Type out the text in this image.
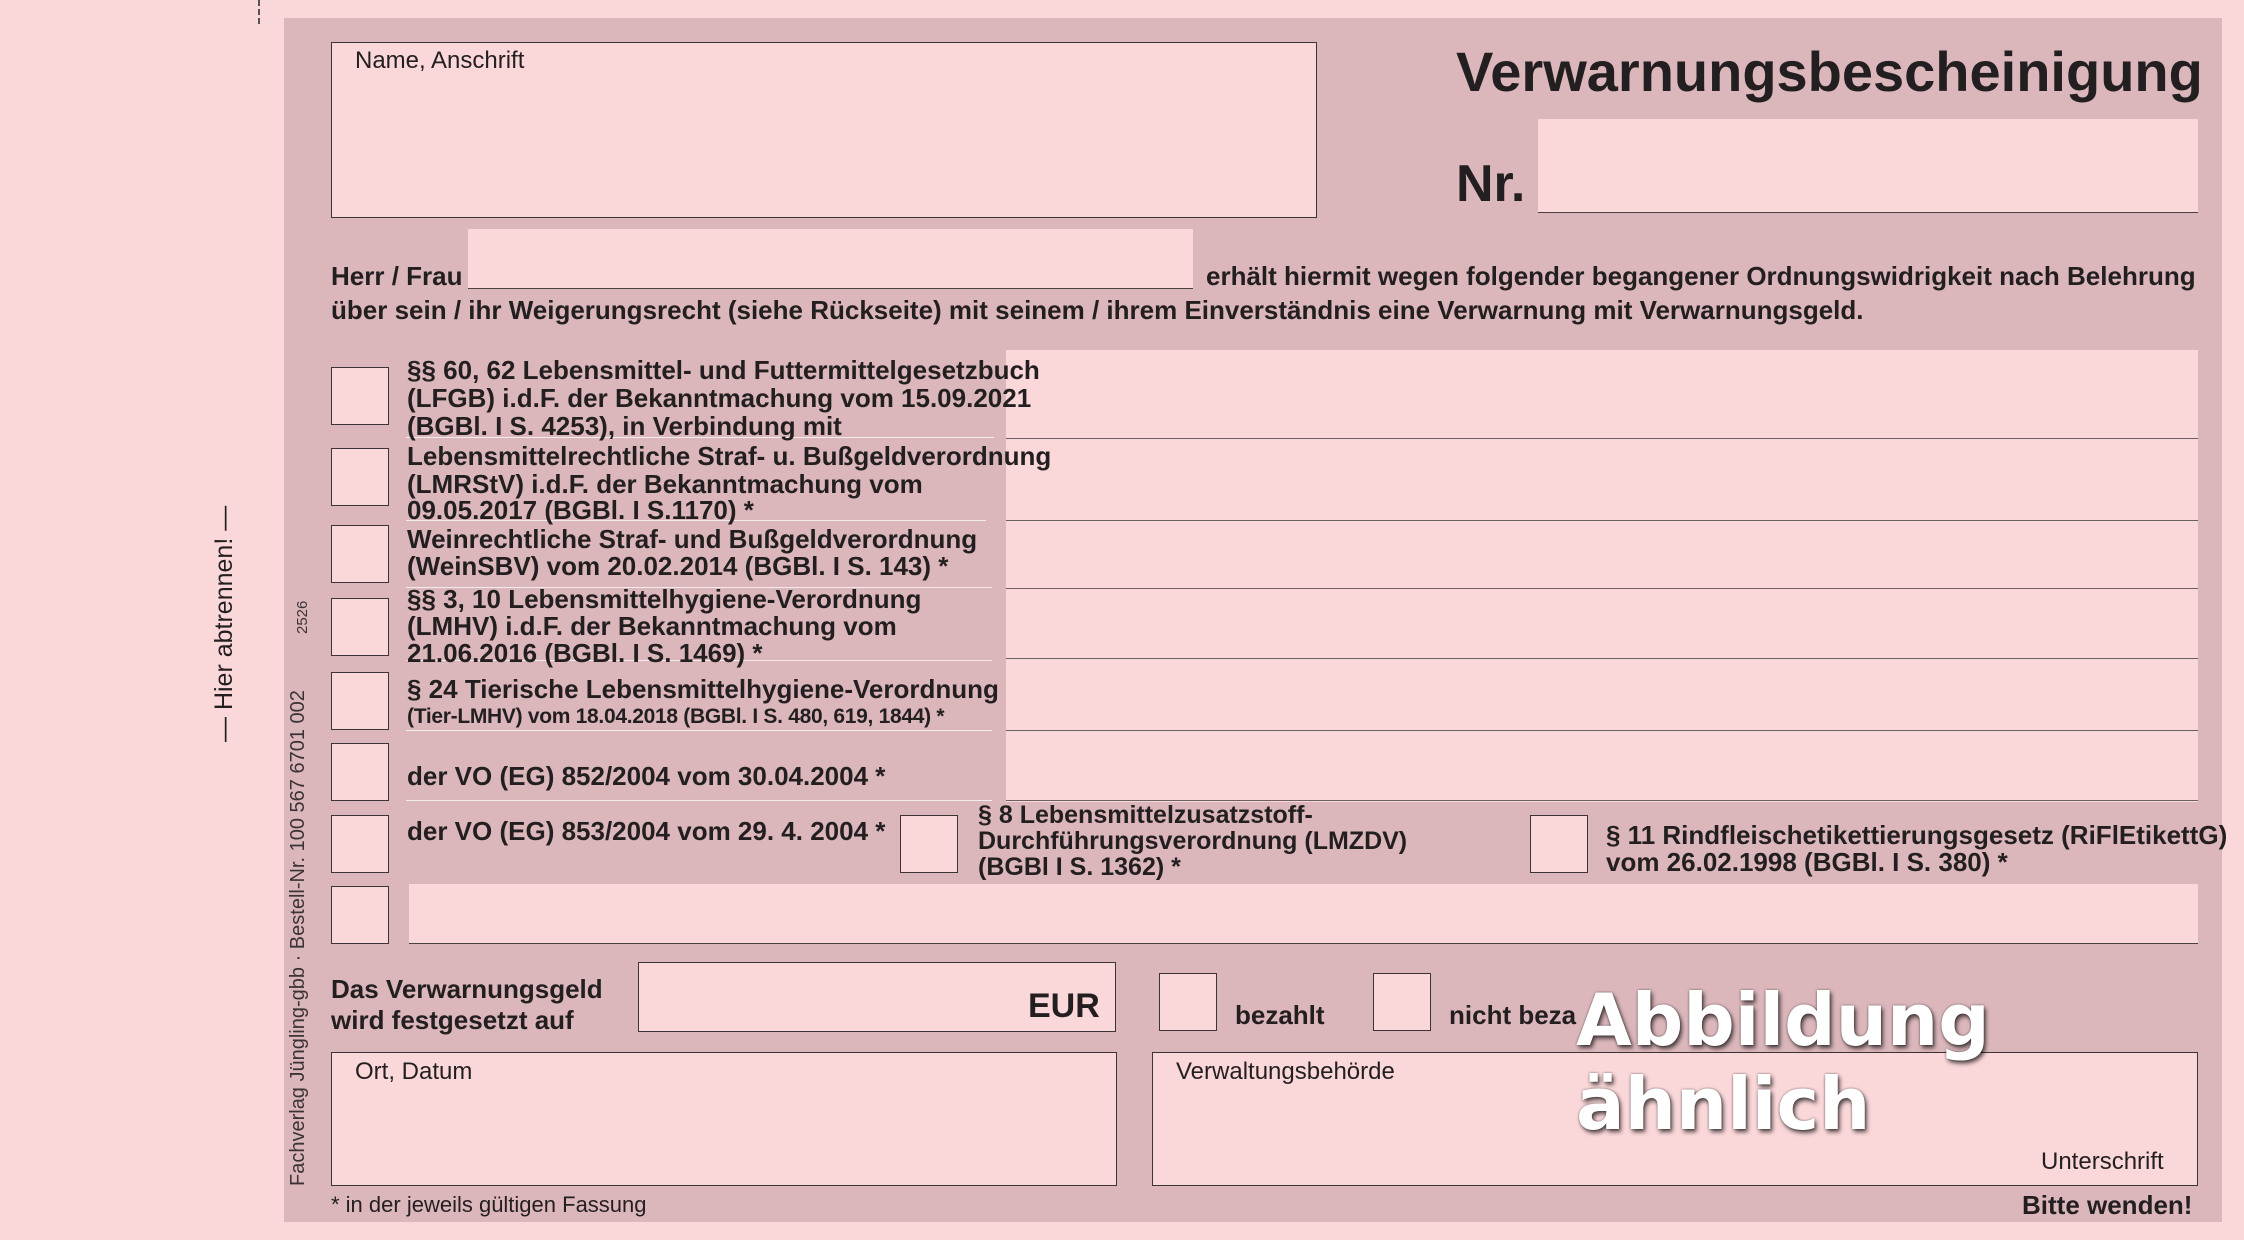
— Hier abtrennen! —
Fachverlag Jüngling-gbb · Bestell-Nr. 100 567 6701 002
2526
Name, Anschrift	Verwarnungsbescheinigung
Nr.
Herr / Frau	erhält hiermit wegen folgender begangener Ordnungswidrigkeit nach Belehrung
über sein / ihr Weigerungsrecht (siehe Rückseite) mit seinem / ihrem Einverständnis eine Verwarnung mit Verwarnungsgeld.
§§ 60, 62 Lebensmittel- und Futtermittelgesetzbuch
(LFGB) i.d.F. der Bekanntmachung vom 15.09.2021
(BGBl. I S. 4253), in Verbindung mit
Lebensmittelrechtliche Straf- u. Bußgeldverordnung
(LMRStV) i.d.F. der Bekanntmachung vom
09.05.2017 (BGBl. I S.1170) *
Weinrechtliche Straf- und Bußgeldverordnung
(WeinSBV) vom 20.02.2014 (BGBl. I S. 143) *
§§ 3, 10 Lebensmittelhygiene-Verordnung
(LMHV) i.d.F. der Bekanntmachung vom
21.06.2016 (BGBl. I S. 1469) *
§ 24 Tierische Lebensmittelhygiene-Verordnung
(Tier-LMHV) vom 18.04.2018 (BGBl. I S. 480, 619, 1844) *
der VO (EG) 852/2004 vom 30.04.2004 *
der VO (EG) 853/2004 vom 29. 4. 2004 *
§ 8 Lebensmittelzusatzstoff-
Durchführungsverordnung (LMZDV)
(BGBl I S. 1362) *
§ 11 Rindfleischetikettierungsgesetz (RiFlEtikettG)
vom 26.02.1998 (BGBl. I S. 380) *
Das Verwarnungsgeld
wird festgesetzt auf	EUR	bezahlt	nicht beza
Ort, Datum	Verwaltungsbehörde
Unterschrift
* in der jeweils gültigen Fassung	Bitte wenden!
Abbildung ähnlich
